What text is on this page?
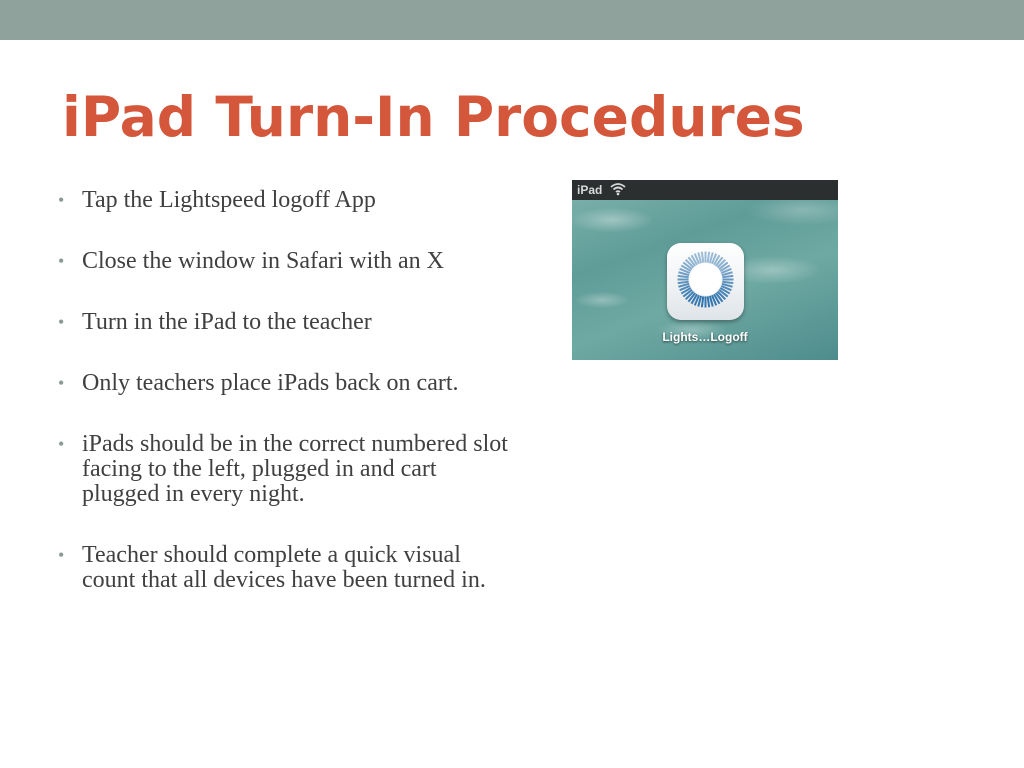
iPad Turn-In Procedures
• Tap the Lightspeed logoff App
• Close the window in Safari with an X
• Turn in the iPad to the teacher
• Only teachers place iPads back on cart.
• iPads should be in the correct numbered slot facing to the left, plugged in and cart plugged in every night.
• Teacher should complete a quick visual count that all devices have been turned in.
iPad
Lights…Logoff
